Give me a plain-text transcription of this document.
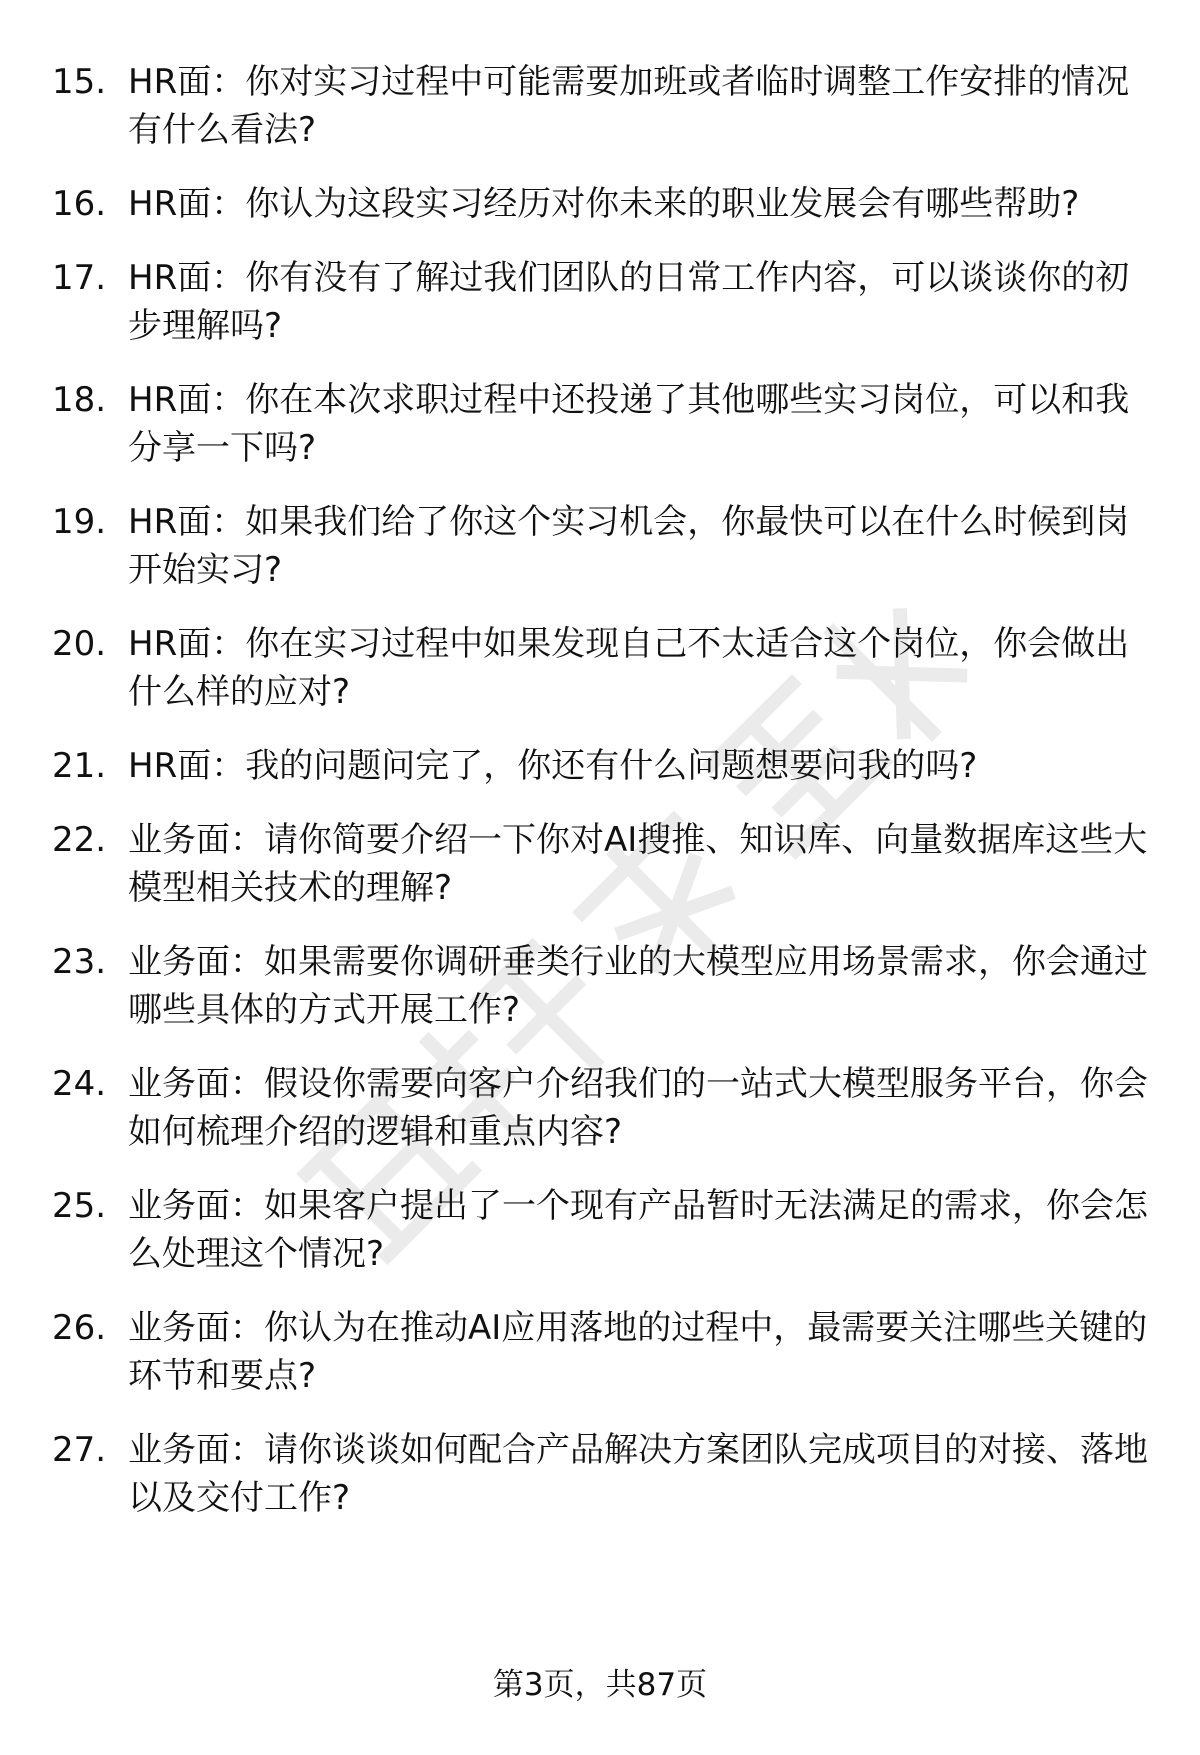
15. HR面：你对实习过程中可能需要加班或者临时调整工作安排的情况有什么看法?
16. HR面：你认为这段实习经历对你未来的职业发展会有哪些帮助?
17. HR面：你有没有了解过我们团队的日常工作内容，可以谈谈你的初步理解吗?
18. HR面：你在本次求职过程中还投递了其他哪些实习岗位，可以和我分享一下吗?
19. HR面：如果我们给了你这个实习机会，你最快可以在什么时候到岗开始实习?
20. HR面：你在实习过程中如果发现自己不太适合这个岗位，你会做出什么样的应对?
21. HR面：我的问题问完了，你还有什么问题想要问我的吗?
22. 业务面：请你简要介绍一下你对AI搜推、知识库、向量数据库这些大模型相关技术的理解?
23. 业务面：如果需要你调研垂类行业的大模型应用场景需求，你会通过哪些具体的方式开展工作?
24. 业务面：假设你需要向客户介绍我们的一站式大模型服务平台，你会如何梳理介绍的逻辑和重点内容?
25. 业务面：如果客户提出了一个现有产品暂时无法满足的需求，你会怎么处理这个情况?
26. 业务面：你认为在推动AI应用落地的过程中，最需要关注哪些关键的环节和要点?
27. 业务面：请你谈谈如何配合产品解决方案团队完成项目的对接、落地以及交付工作?
第3页，共87页
